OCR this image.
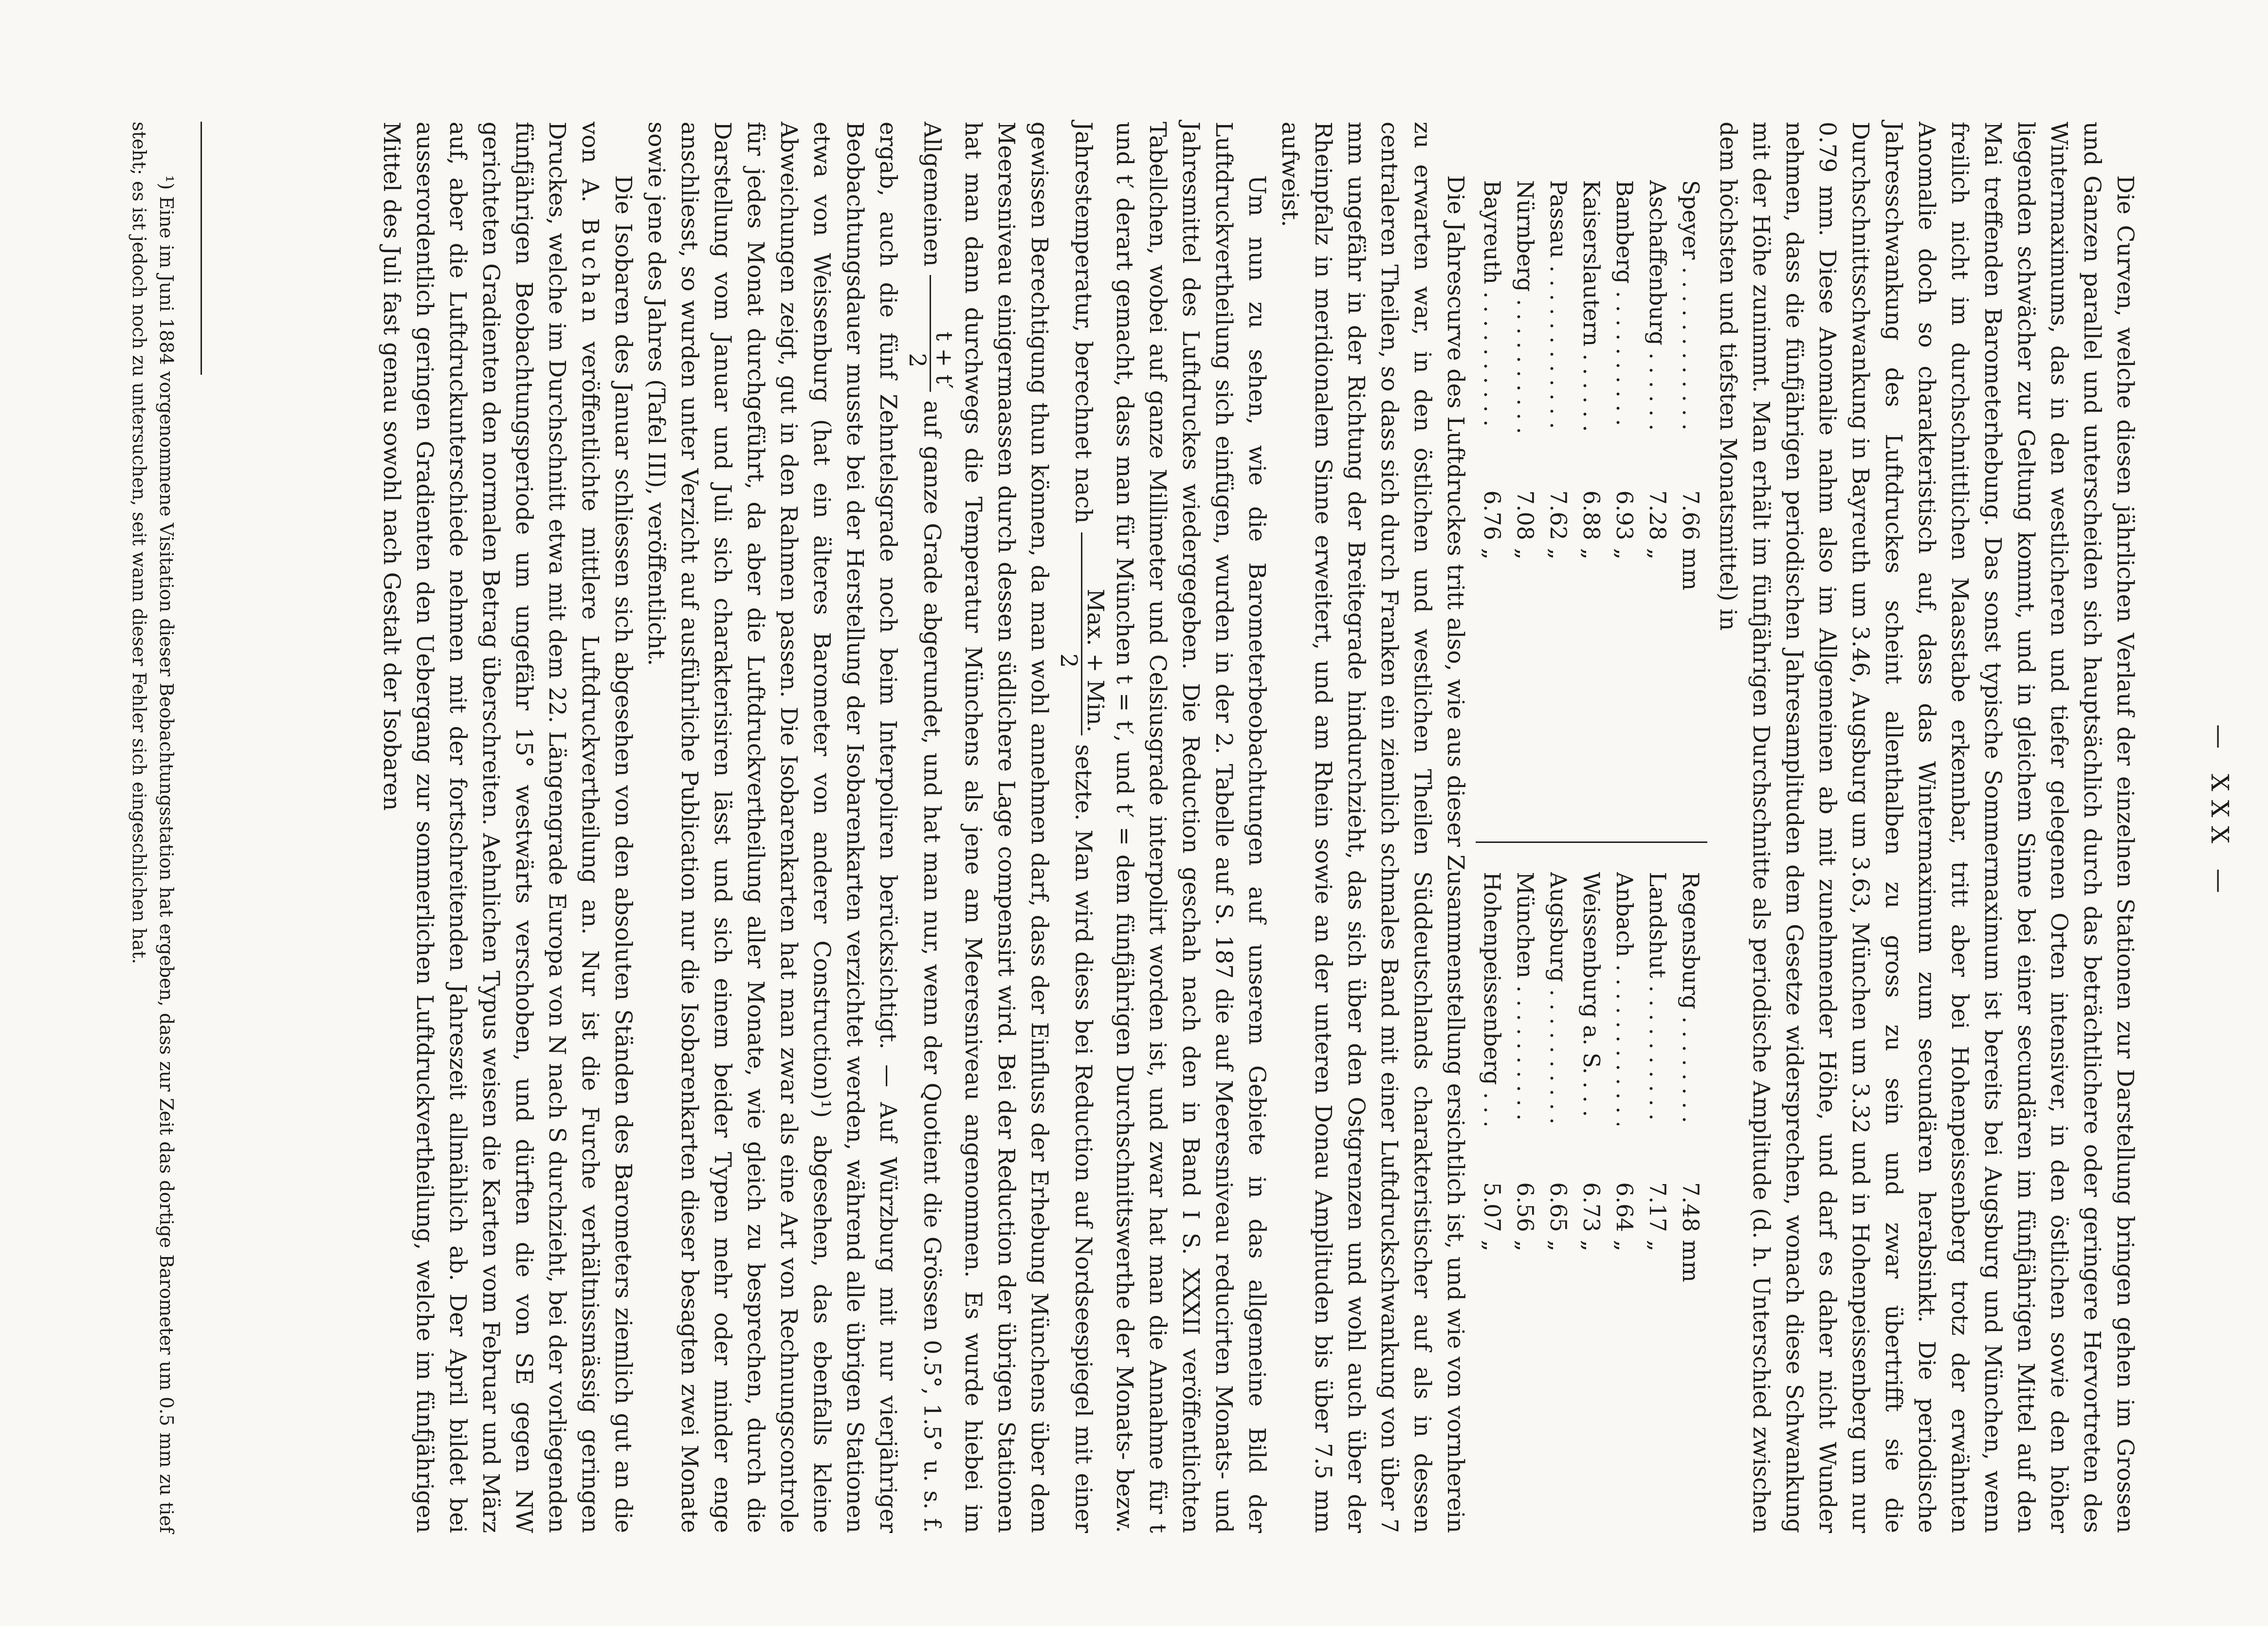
— XXX —

Die Curven, welche diesen jährlichen Verlauf der einzelnen Stationen zur Darstellung bringen gehen im Grossen und Ganzen parallel und unterscheiden sich hauptsächlich durch das beträchtlichere oder geringere Hervortreten des Wintermaximums, das in den westlicheren und tiefer gelegenen Orten intensiver, in den östlichen sowie den höher liegenden schwächer zur Geltung kommt, und in gleichem Sinne bei einer secundären im fünfjährigen Mittel auf den Mai treffenden Barometerhebung. Das sonst typische Sommermaximum ist bereits bei Augsburg und München, wenn freilich nicht im durchschnittlichen Maasstabe erkennbar, tritt aber bei Hohenpeissenberg trotz der erwähnten Anomalie doch so charakteristisch auf, dass das Wintermaximum zum secundären herabsinkt. Die periodische Jahresschwankung des Luftdruckes scheint allenthalben zu gross zu sein und zwar übertrifft sie die Durchschnittsschwankung in Bayreuth um 3.46, Augsburg um 3.63, München um 3.32 und in Hohenpeissenberg um nur 0.79 mm. Diese Anomalie nahm also im Allgemeinen ab mit zunehmender Höhe, und darf es daher nicht Wunder nehmen, dass die fünfjährigen periodischen Jahresamplituden dem Gesetze widersprechen, wonach diese Schwankung mit der Höhe zunimmt. Man erhält im fünfjährigen Durchschnitte als periodische Amplitude (d. h. Unterschied zwischen dem höchsten und tiefsten Monatsmittel) in

Speyer . . .
7.66
mm
Aschaffenburg . . .
7.28
„
Bamberg . . .
6.93
„
Kaiserslautern . . .
6.88
„
Passau . . .
7.62
„
Nürnberg . . .
7.08
„
Bayreuth . . .
6.76
„
Regensburg . . .
7.48
mm
Landshut . . .
7.17
„
Anbach . . .
6.64
„
Weissenburg a. S. . . .
6.73
„
Augsburg . . .
6.65
„
München . . .
6.56
„
Hohenpeissenberg . . .
5.07
„

Die Jahrescurve des Luftdruckes tritt also, wie aus dieser Zusammenstellung ersichtlich ist, und wie von vornherein zu erwarten war, in den östlichen und westlichen Theilen Süddeutschlands charakteristischer auf als in dessen centraleren Theilen, so dass sich durch Franken ein ziemlich schmales Band mit einer Luftdruckschwankung von über 7 mm ungefähr in der Richtung der Breitegrade hindurchzieht, das sich über den Ostgrenzen und wohl auch über der Rheinpfalz in meridionalem Sinne erweitert, und am Rhein sowie an der unteren Donau Amplituden bis über 7.5 mm aufweist.

Um nun zu sehen, wie die Barometerbeobachtungen auf unserem Gebiete in das allgemeine Bild der Luftdruckvertheilung sich einfügen, wurden in der 2. Tabelle auf S. 187 die auf Meeresniveau reducirten Monats- und Jahresmittel des Luftdruckes wiedergegeben. Die Reduction geschah nach den in Band I S. XXXII veröffentlichten Tabellchen, wobei auf ganze Millimeter und Celsiusgrade interpolirt worden ist, und zwar hat man die Annahme für t und t′ derart gemacht, dass man für München t = t′, und t′ = dem fünfjährigen Durchschnittswerthe der Monats- bezw. Jahrestemperatur, berechnet nach
Max. + Min.
2
setzte. Man wird diess bei Reduction auf Nordseespiegel mit einer gewissen Berechtigung thun können, da man wohl annehmen darf, dass der Einfluss der Erhebung Münchens über dem Meeresniveau einigermaassen durch dessen südlichere Lage compensirt wird. Bei der Reduction der übrigen Stationen hat man dann durchwegs die Temperatur Münchens als jene am Meeresniveau angenommen. Es wurde hiebei im Allgemeinen
t + t′
2
auf ganze Grade abgerundet, und hat man nur, wenn der Quotient die Grössen 0.5°, 1.5° u. s. f. ergab, auch die fünf Zehntelsgrade noch beim Interpoliren berücksichtigt. — Auf Würzburg mit nur vierjähriger Beobachtungsdauer musste bei der Herstellung der Isobarenkarten verzichtet werden, während alle übrigen Stationen etwa von Weissenburg (hat ein älteres Barometer von anderer Construction)¹) abgesehen, das ebenfalls kleine Abweichungen zeigt, gut in den Rahmen passen. Die Isobarenkarten hat man zwar als eine Art von Rechnungscontrole für jedes Monat durchgeführt, da aber die Luftdruckvertheilung aller Monate, wie gleich zu besprechen, durch die Darstellung vom Januar und Juli sich charakterisiren lässt und sich einem beider Typen mehr oder minder enge anschliesst, so wurden unter Verzicht auf ausführliche Publication nur die Isobarenkarten dieser besagten zwei Monate sowie jene des Jahres (Tafel III), veröffentlicht.

Die Isobaren des Januar schliessen sich abgesehen von den absoluten Ständen des Barometers ziemlich gut an die von A. Buchan veröffentlichte mittlere Luftdruckvertheilung an. Nur ist die Furche verhältnissmässig geringen Druckes, welche im Durchschnitt etwa mit dem 22. Längengrade Europa von N nach S durchzieht, bei der vorliegenden fünfjährigen Beobachtungsperiode um ungefähr 15° westwärts verschoben, und dürften die von SE gegen NW gerichteten Gradienten den normalen Betrag überschreiten. Aehnlichen Typus weisen die Karten vom Februar und März auf, aber die Luftdruckunterschiede nehmen mit der fortschreitenden Jahreszeit allmählich ab. Der April bildet bei ausserordentlich geringen Gradienten den Uebergang zur sommerlichen Luftdruckvertheilung, welche im fünfjährigen Mittel des Juli fast genau sowohl nach Gestalt der Isobaren

¹) Eine im Juni 1884 vorgenommene Visitation dieser Beobachtungsstation hat ergeben, dass zur Zeit das dortige Barometer um 0.5 mm zu tief steht; es ist jedoch noch zu untersuchen, seit wann dieser Fehler sich eingeschlichen hat.
